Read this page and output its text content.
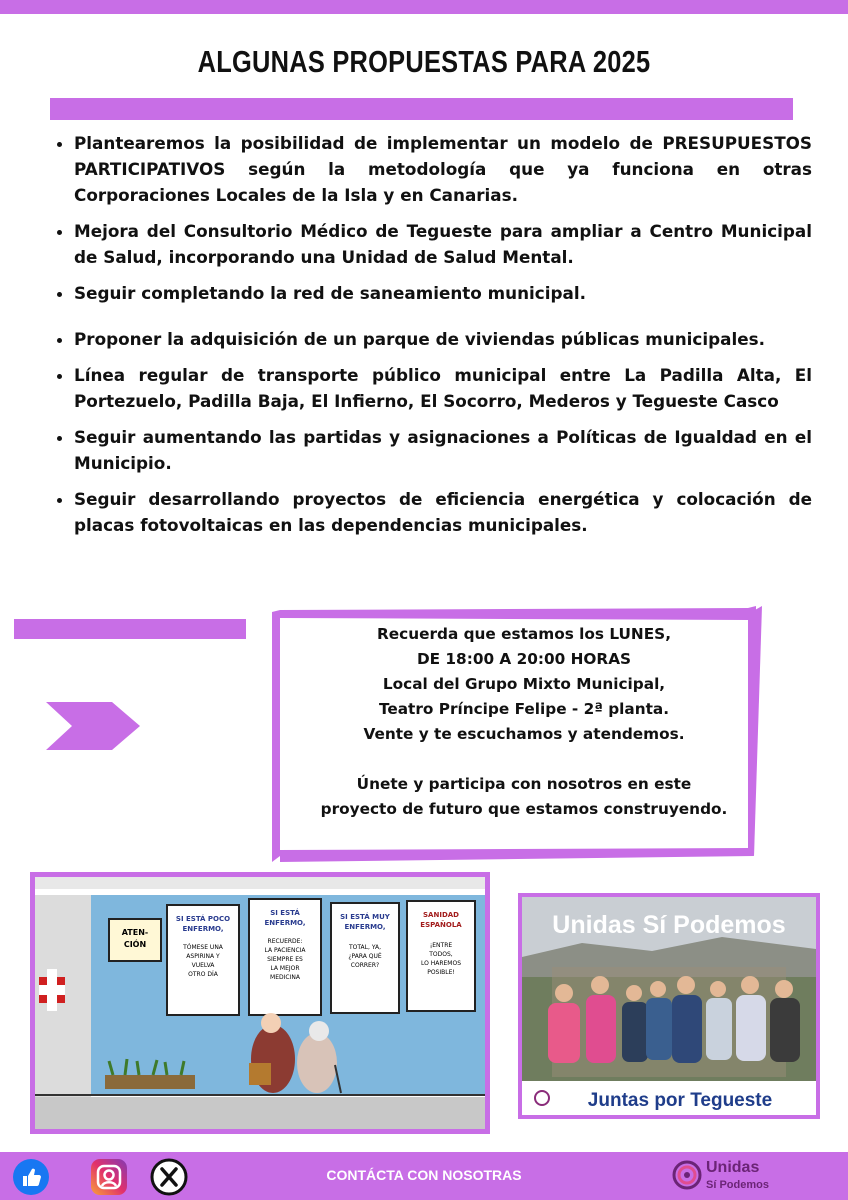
ALGUNAS PROPUESTAS PARA 2025
• Plantearemos la posibilidad de implementar un modelo de PRESUPUESTOS PARTICIPATIVOS según la metodología que ya funciona en otras Corporaciones Locales de la Isla y en Canarias.
• Mejora del Consultorio Médico de Tegueste para ampliar a Centro Municipal de Salud, incorporando una Unidad de Salud Mental.
• Seguir completando la red de saneamiento municipal.
• Proponer la adquisición de un parque de viviendas públicas municipales.
• Línea regular de transporte público municipal entre La Padilla Alta, El Portezuelo, Padilla Baja, El Infierno, El Socorro, Mederos y Tegueste Casco
• Seguir aumentando las partidas y asignaciones a Políticas de Igualdad en el Municipio.
• Seguir desarrollando proyectos de eficiencia energética y colocación de placas fotovoltaicas en las dependencias municipales.

Recuerda que estamos los LUNES,

DE 18:00 A 20:00 HORAS

Local del Grupo Mixto Municipal,

Teatro Príncipe Felipe - 2ª planta.

Vente y te escuchamos y atendemos.

Únete y participa con nosotros en este

proyecto de futuro que estamos construyendo.

ATEN-CIÓN
SI ESTÁ POCO ENFERMO,
TÓMESE UNA ASPIRINA Y VUELVA OTRO DÍA
SI ESTÁ ENFERMO,
RECUERDE: LA PACIENCIA SIEMPRE ES LA MEJOR MEDICINA
SI ESTÁ MUY ENFERMO,
TOTAL, YA, ¿PARA QUÉ CORRER?
SANIDAD ESPAÑOLA
¡ENTRE TODOS, LO HAREMOS POSIBLE!
Unidas Sí Podemos
Juntas por Tegueste
CONTÁCTA CON NOSOTRAS	Unidas
Sí Podemos
